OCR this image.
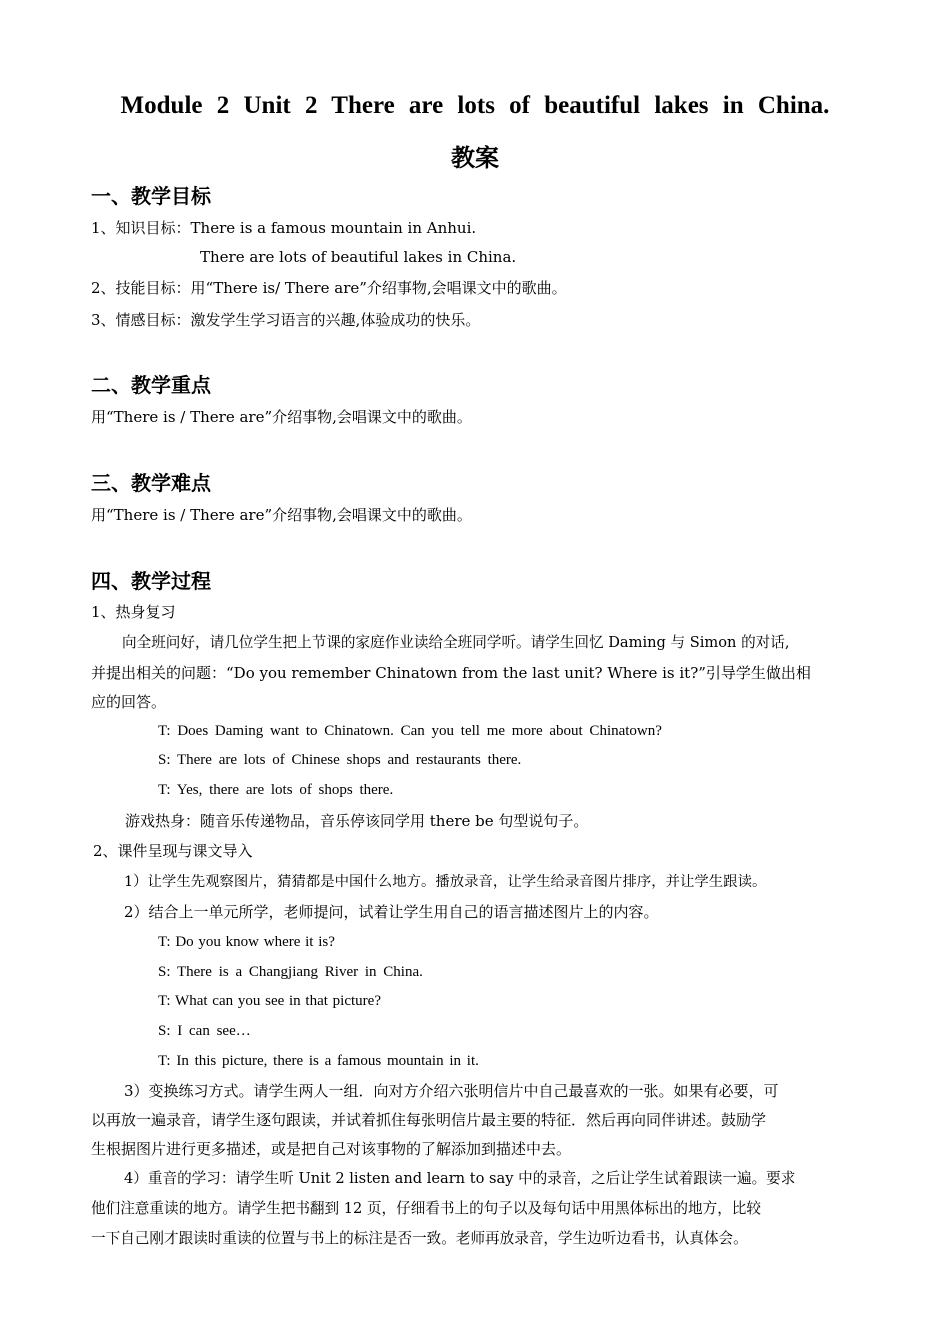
Module 2 Unit 2 There are lots of beautiful lakes in China.
教案
一、教学目标
1、知识目标：There is a famous mountain in Anhui.
There are lots of beautiful lakes in China.
2、技能目标：用“There is/ There are”介绍事物,会唱课文中的歌曲。
3、情感目标：激发学生学习语言的兴趣,体验成功的快乐。
二、教学重点
用“There is / There are”介绍事物,会唱课文中的歌曲。
三、教学难点
用“There is / There are”介绍事物,会唱课文中的歌曲。
四、教学过程
1、热身复习
向全班问好，请几位学生把上节课的家庭作业读给全班同学听。请学生回忆 Daming 与 Simon 的对话,
并提出相关的问题：“Do you remember Chinatown from the last unit? Where is it?”引导学生做出相
应的回答。
T: Does Daming want to Chinatown. Can you tell me more about Chinatown?
S: There are lots of Chinese shops and restaurants there.
T: Yes, there are lots of shops there.
游戏热身：随音乐传递物品，音乐停该同学用 there be 句型说句子。
2、课件呈现与课文导入
1）让学生先观察图片，猜猜都是中国什么地方。播放录音，让学生给录音图片排序，并让学生跟读。
2）结合上一单元所学，老师提问，试着让学生用自己的语言描述图片上的内容。
T: Do you know where it is?
S: There is a Changjiang River in China.
T: What can you see in that picture?
S: I can see…
T: In this picture, there is a famous mountain in it.
3）变换练习方式。请学生两人一组．向对方介绍六张明信片中自己最喜欢的一张。如果有必要，可
以再放一遍录音，请学生逐句跟读，并试着抓住每张明信片最主要的特征．然后再向同伴讲述。鼓励学
生根据图片进行更多描述，或是把自己对该事物的了解添加到描述中去。
4）重音的学习：请学生听 Unit 2 listen and learn to say 中的录音，之后让学生试着跟读一遍。要求
他们注意重读的地方。请学生把书翻到 12 页，仔细看书上的句子以及每句话中用黑体标出的地方，比较
一下自己刚才跟读时重读的位置与书上的标注是否一致。老师再放录音，学生边听边看书，认真体会。
